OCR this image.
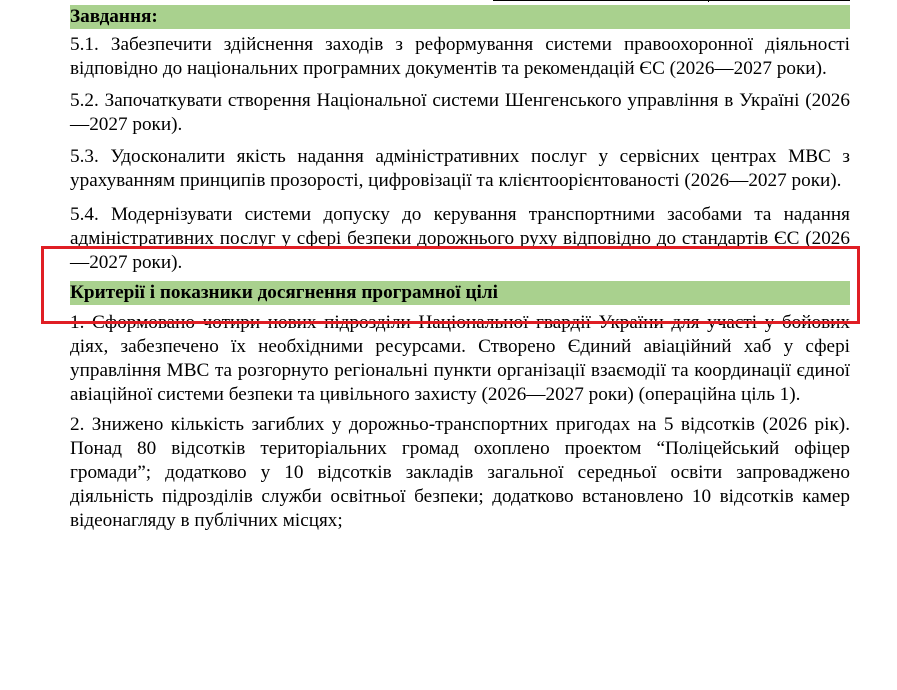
Завдання:

5.1. Забезпечити здійснення заходів з реформування системи правоохоронної діяльності відповідно до національних програмних документів та рекомендацій ЄС (2026—2027 роки).

5.2. Започаткувати створення Національної системи Шенгенського управління в Україні (2026—2027 роки).

5.3. Удосконалити якість надання адміністративних послуг у сервісних центрах МВС з урахуванням принципів прозорості, цифровізації та клієнтоорієнтованості (2026—2027 роки).

5.4. Модернізувати системи допуску до керування транспортними засобами та надання адміністративних послуг у сфері безпеки дорожнього руху відповідно до стандартів ЄС (2026—2027 роки).

Критерії і показники досягнення програмної цілі

1. Сформовано чотири нових підрозділи Національної гвардії України для участі у бойових діях, забезпечено їх необхідними ресурсами. Створено Єдиний авіаційний хаб у сфері управління МВС та розгорнуто регіональні пункти організації взаємодії та координації єдиної авіаційної системи безпеки та цивільного захисту (2026—2027 роки) (операційна ціль 1).

2. Знижено кількість загиблих у дорожньо-транспортних пригодах на 5 відсотків (2026 рік). Понад 80 відсотків територіальних громад охоплено проектом “Поліцейський офіцер громади”; додатково у 10 відсотків закладів загальної середньої освіти запроваджено діяльність підрозділів служби освітньої безпеки; додатково встановлено 10 відсотків камер відеонагляду в публічних місцях;
